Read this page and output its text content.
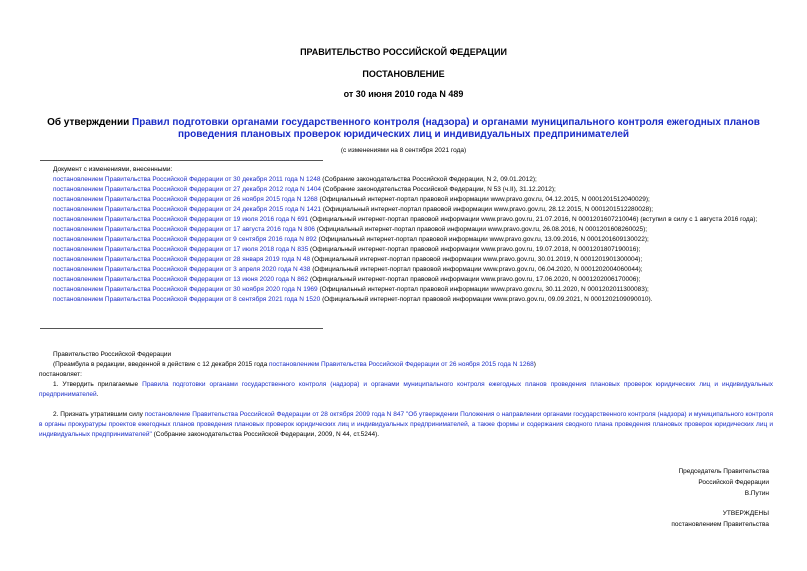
ПРАВИТЕЛЬСТВО РОССИЙСКОЙ ФЕДЕРАЦИИ
ПОСТАНОВЛЕНИЕ
от 30 июня 2010 года N 489
Об утверждении Правил подготовки органами государственного контроля (надзора) и органами муниципального контроля ежегодных планов проведения плановых проверок юридических лиц и индивидуальных предпринимателей
(с изменениями на 8 сентября 2021 года)
Документ с изменениями, внесенными:
постановлением Правительства Российской Федерации от 30 декабря 2011 года N 1248 (Собрание законодательства Российской Федерации, N 2, 09.01.2012);
постановлением Правительства Российской Федерации от 27 декабря 2012 года N 1404 (Собрание законодательства Российской Федерации, N 53 (ч.II), 31.12.2012);
постановлением Правительства Российской Федерации от 26 ноября 2015 года N 1268 (Официальный интернет-портал правовой информации www.pravo.gov.ru, 04.12.2015, N 0001201512040029);
постановлением Правительства Российской Федерации от 24 декабря 2015 года N 1421 (Официальный интернет-портал правовой информации www.pravo.gov.ru, 28.12.2015, N 0001201512280028);
постановлением Правительства Российской Федерации от 19 июля 2016 года N 691 (Официальный интернет-портал правовой информации www.pravo.gov.ru, 21.07.2016, N 0001201607210046) (вступил в силу с 1 августа 2016 года);
постановлением Правительства Российской Федерации от 17 августа 2016 года N 806 (Официальный интернет-портал правовой информации www.pravo.gov.ru, 26.08.2016, N 0001201608260025);
постановлением Правительства Российской Федерации от 9 сентября 2016 года N 892 (Официальный интернет-портал правовой информации www.pravo.gov.ru, 13.09.2016, N 0001201609130022);
постановлением Правительства Российской Федерации от 17 июля 2018 года N 835 (Официальный интернет-портал правовой информации www.pravo.gov.ru, 19.07.2018, N 0001201807190016);
постановлением Правительства Российской Федерации от 28 января 2019 года N 48 (Официальный интернет-портал правовой информации www.pravo.gov.ru, 30.01.2019, N 0001201901300004);
постановлением Правительства Российской Федерации от 3 апреля 2020 года N 438 (Официальный интернет-портал правовой информации www.pravo.gov.ru, 06.04.2020, N 0001202004060044);
постановлением Правительства Российской Федерации от 13 июня 2020 года N 862 (Официальный интернет-портал правовой информации www.pravo.gov.ru, 17.06.2020, N 0001202006170006);
постановлением Правительства Российской Федерации от 30 ноября 2020 года N 1969 (Официальный интернет-портал правовой информации www.pravo.gov.ru, 30.11.2020, N 0001202011300083);
постановлением Правительства Российской Федерации от 8 сентября 2021 года N 1520 (Официальный интернет-портал правовой информации www.pravo.gov.ru, 09.09.2021, N 0001202109090010).
Правительство Российской Федерации
(Преамбула в редакции, введенной в действие с 12 декабря 2015 года постановлением Правительства Российской Федерации от 26 ноября 2015 года N 1268)
постановляет:
1. Утвердить прилагаемые Правила подготовки органами государственного контроля (надзора) и органами муниципального контроля ежегодных планов проведения плановых проверок юридических лиц и индивидуальных предпринимателей.
2. Признать утратившим силу постановление Правительства Российской Федерации от 28 октября 2009 года N 847 "Об утверждении Положения о направлении органами государственного контроля (надзора) и муниципального контроля в органы прокуратуры проектов ежегодных планов проведения плановых проверок юридических лиц и индивидуальных предпринимателей, а также формы и содержания сводного плана проведения плановых проверок юридических лиц и индивидуальных предпринимателей" (Собрание законодательства Российской Федерации, 2009, N 44, ст.5244).
Председатель Правительства
Российской Федерации
В.Путин
УТВЕРЖДЕНЫ
постановлением Правительства
